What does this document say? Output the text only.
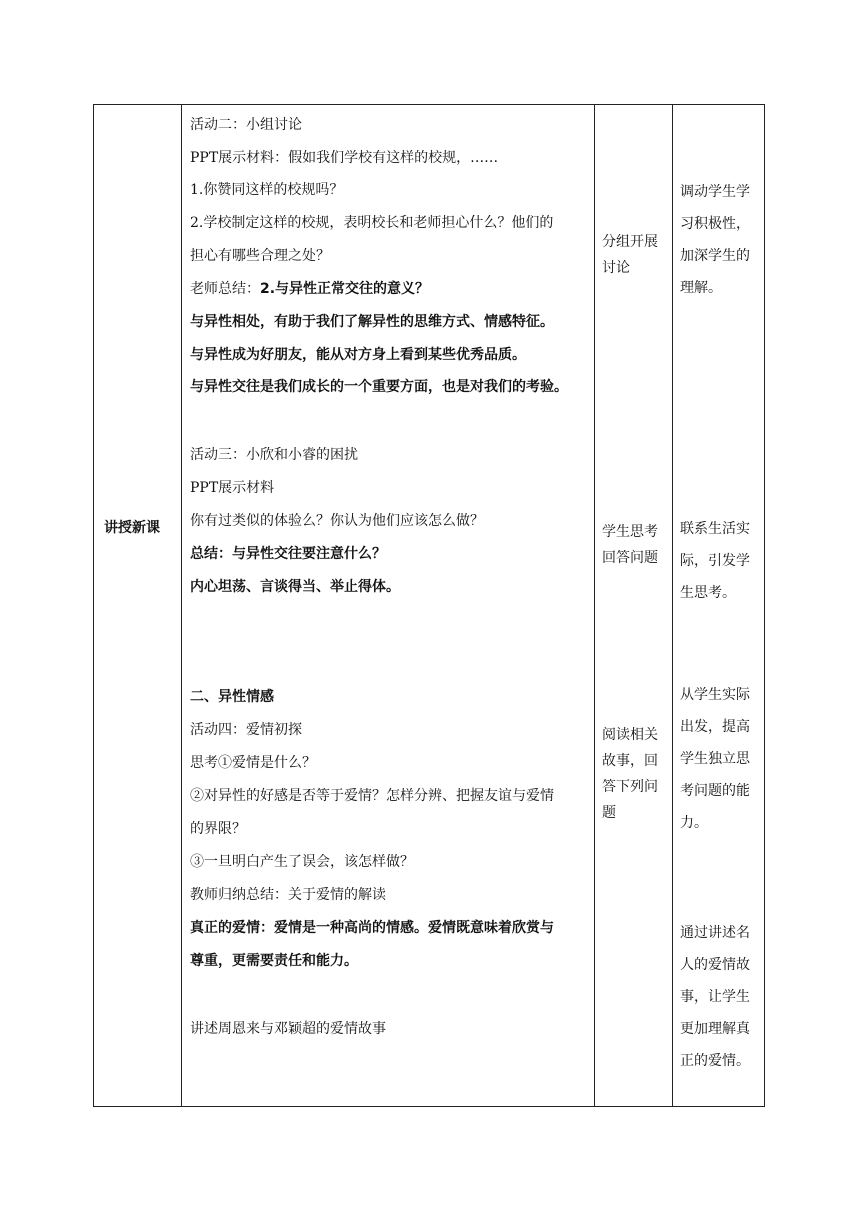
讲授新课
活动二：小组讨论
PPT展示材料：假如我们学校有这样的校规，……
1.你赞同这样的校规吗？
2.学校制定这样的校规，表明校长和老师担心什么？他们的
担心有哪些合理之处？
老师总结：2.与异性正常交往的意义？
与异性相处，有助于我们了解异性的思维方式、情感特征。
与异性成为好朋友，能从对方身上看到某些优秀品质。
与异性交往是我们成长的一个重要方面，也是对我们的考验。
活动三：小欣和小睿的困扰
PPT展示材料
你有过类似的体验么？你认为他们应该怎么做？
总结：与异性交往要注意什么？
内心坦荡、言谈得当、举止得体。
二、异性情感
活动四：爱情初探
思考①爱情是什么？
②对异性的好感是否等于爱情？怎样分辨、把握友谊与爱情
的界限？
③一旦明白产生了误会，该怎样做？
教师归纳总结：关于爱情的解读
真正的爱情：爱情是一种高尚的情感。爱情既意味着欣赏与
尊重，更需要责任和能力。
讲述周恩来与邓颖超的爱情故事
分组开展
讨论
学生思考
回答问题
阅读相关
故事，回
答下列问
题
调动学生学
习积极性，
加深学生的
理解。
联系生活实
际，引发学
生思考。
从学生实际
出发，提高
学生独立思
考问题的能
力。
通过讲述名
人的爱情故
事，让学生
更加理解真
正的爱情。
